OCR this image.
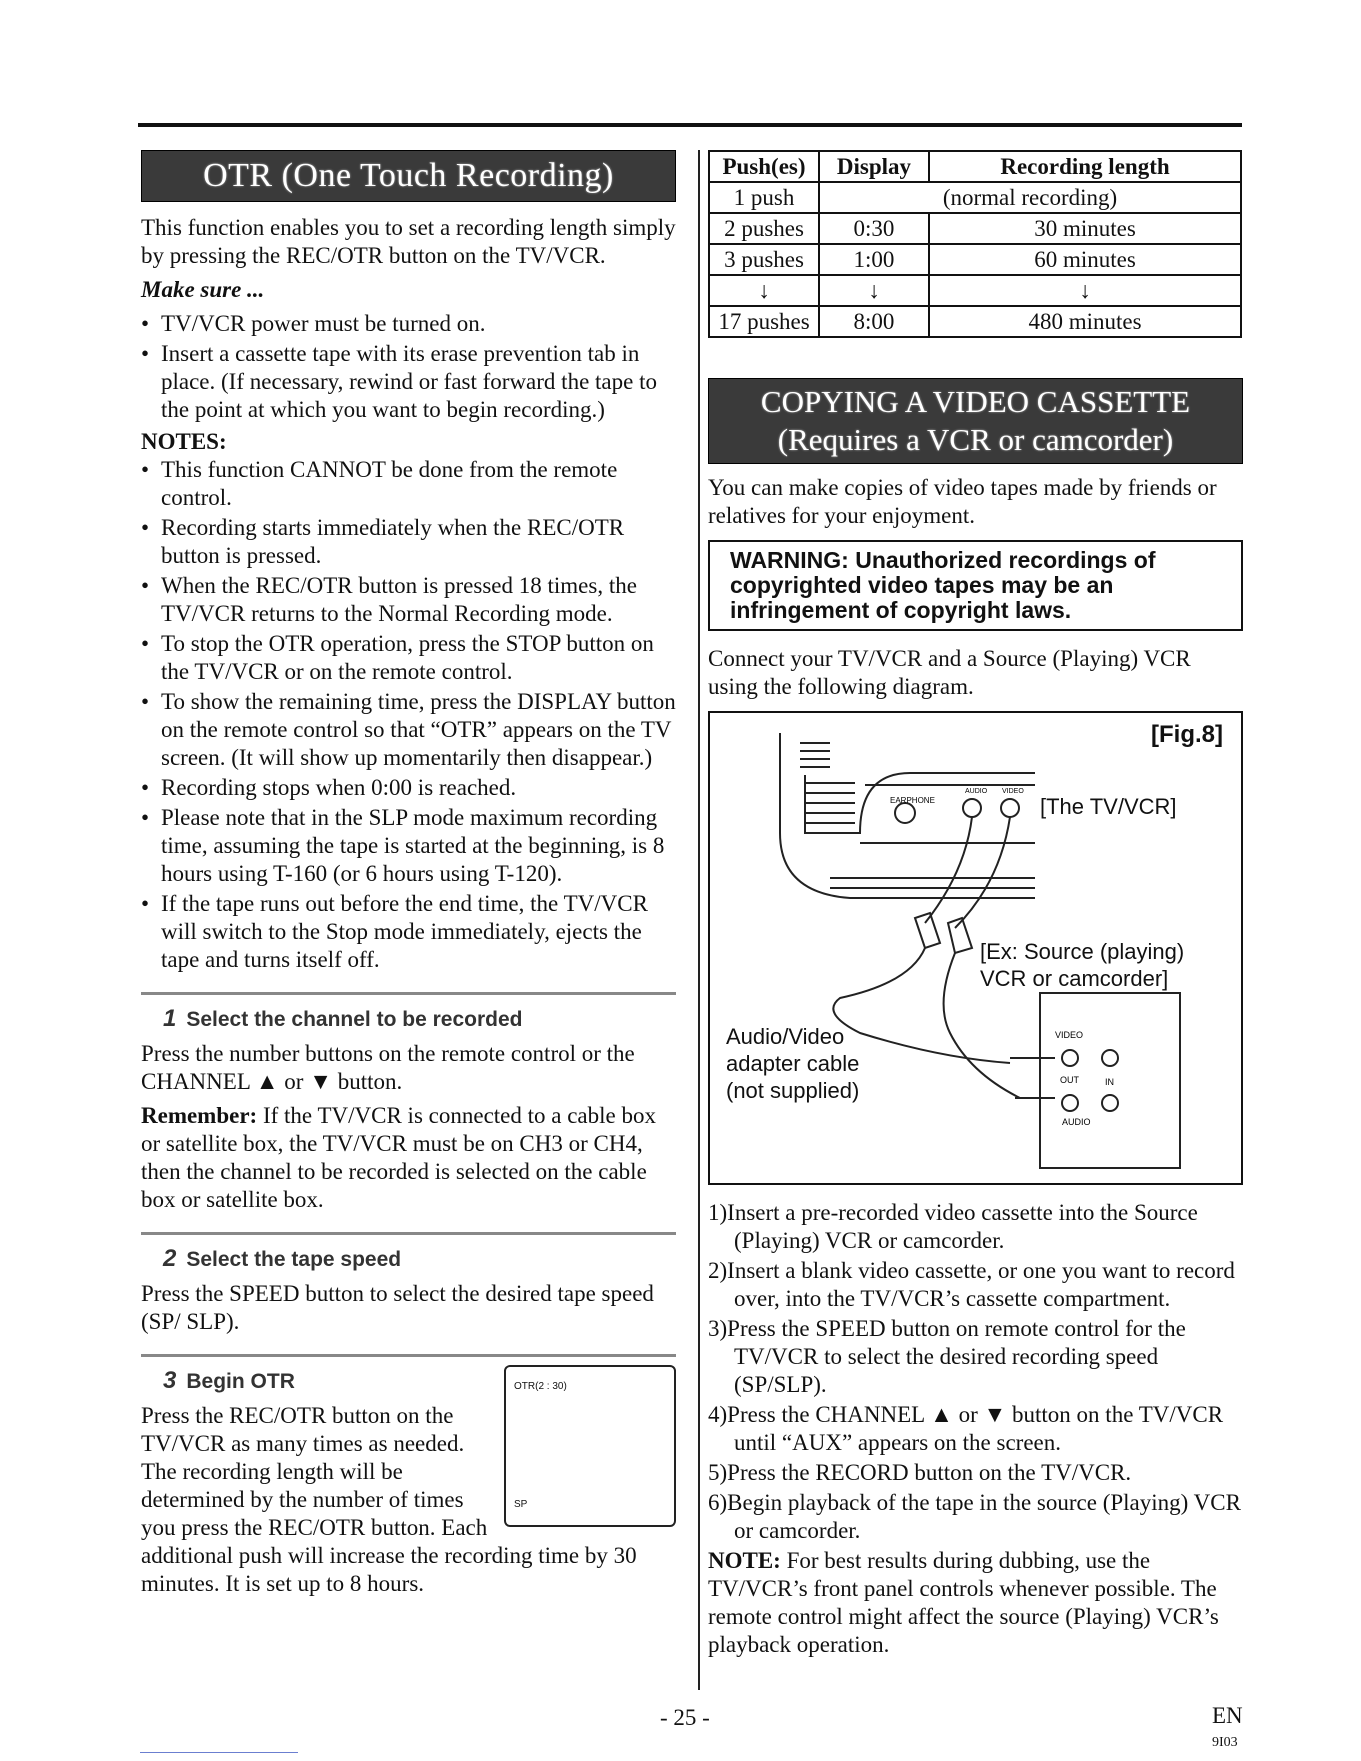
OTR (One Touch Recording)

This function enables you to set a recording length simply by pressing the REC/OTR button on the TV/VCR.

Make sure ...

• TV/VCR power must be turned on.
• Insert a cassette tape with its erase prevention tab in place. (If necessary, rewind or fast forward the tape to the point at which you want to begin recording.)
NOTES:
• This function CANNOT be done from the remote control.
• Recording starts immediately when the REC/OTR button is pressed.
• When the REC/OTR button is pressed 18 times, the TV/VCR returns to the Normal Recording mode.
• To stop the OTR operation, press the STOP button on the TV/VCR or on the remote control.
• To show the remaining time, press the DISPLAY button on the remote control so that “OTR” appears on the TV screen. (It will show up momentarily then disappear.)
• Recording stops when 0:00 is reached.
• Please note that in the SLP mode maximum recording time, assuming the tape is started at the beginning, is 8 hours using T-160 (or 6 hours using T-120).
• If the tape runs out before the end time, the TV/VCR will switch to the Stop mode immediately, ejects the tape and turns itself off.
1 Select the channel to be recorded

Press the number buttons on the remote control or the CHANNEL ▲ or ▼ button.

Remember: If the TV/VCR is connected to a cable box or satellite box, the TV/VCR must be on CH3 or CH4, then the channel to be recorded is selected on the cable box or satellite box.

2 Select the tape speed

Press the SPEED button to select the desired tape speed (SP/ SLP).

OTR(2 : 30)
SP
3 Begin OTR

Press the REC/OTR button on the TV/VCR as many times as needed. The recording length will be determined by the number of times you press the REC/OTR button. Each additional push will increase the recording time by 30 minutes. It is set up to 8 hours.

Push(es)	Display	Recording length
1 push	(normal recording)	
2 pushes	0:30	30 minutes
3 pushes	1:00	60 minutes
↓	↓	↓
17 pushes	8:00	480 minutes
COPYING A VIDEO CASSETTE
(Requires a VCR or camcorder)

You can make copies of video tapes made by friends or relatives for your enjoyment.

WARNING: Unauthorized recordings of copyrighted video tapes may be an infringement of copyright laws.

Connect your TV/VCR and a Source (Playing) VCR using the following diagram.

EARPHONE
AUDIO VIDEO
VIDEO
OUT	IN
AUDIO
[Fig.8]
[The TV/VCR]
[Ex: Source (playing)
VCR or camcorder]
Audio/Video
adapter cable
(not supplied)
1)Insert a pre-recorded video cassette into the Source (Playing) VCR or camcorder.
2)Insert a blank video cassette, or one you want to record over, into the TV/VCR’s cassette compartment.
3)Press the SPEED button on remote control for the TV/VCR to select the desired recording speed (SP/SLP).
4)Press the CHANNEL ▲ or ▼ button on the TV/VCR until “AUX” appears on the screen.
5)Press the RECORD button on the TV/VCR.
6)Begin playback of the tape in the source (Playing) VCR or camcorder.

NOTE: For best results during dubbing, use the TV/VCR’s front panel controls whenever possible. The remote control might affect the source (Playing) VCR’s playback operation.

- 25 -	EN
9I03
